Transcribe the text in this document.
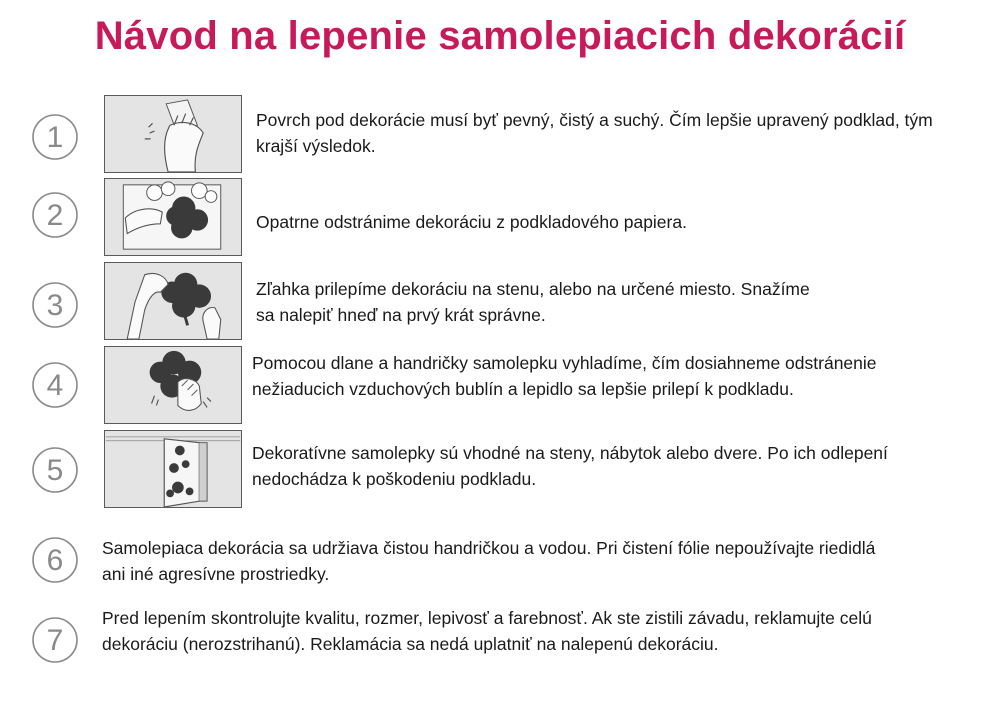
Návod na lepenie samolepiacich dekorácií
1
Povrch pod dekorácie musí byť pevný, čistý a suchý. Čím lepšie upravený podklad, tým krajší výsledok.
2	Opatrne odstránime dekoráciu z podkladového papiera.
3	Zľahka prilepíme dekoráciu na stenu, alebo na určené miesto. Snažíme sa nalepiť hneď na prvý krát správne.
4
Pomocou dlane a handričky samolepku vyhladíme, čím dosiahneme odstránenie nežiaducich vzduchových bublín a lepidlo sa lepšie prilepí k podkladu.
5
Dekoratívne samolepky sú vhodné na steny, nábytok alebo dvere. Po ich odlepení nedochádza k poškodeniu podkladu.
6 Samolepiaca dekorácia sa udržiava čistou handričkou a vodou. Pri čistení fólie nepoužívajte riedidlá ani iné agresívne prostriedky.
7
Pred lepením skontrolujte kvalitu, rozmer, lepivosť a farebnosť. Ak ste zistili závadu, reklamujte celú dekoráciu (nerozstrihanú). Reklamácia sa nedá uplatniť na nalepenú dekoráciu.
